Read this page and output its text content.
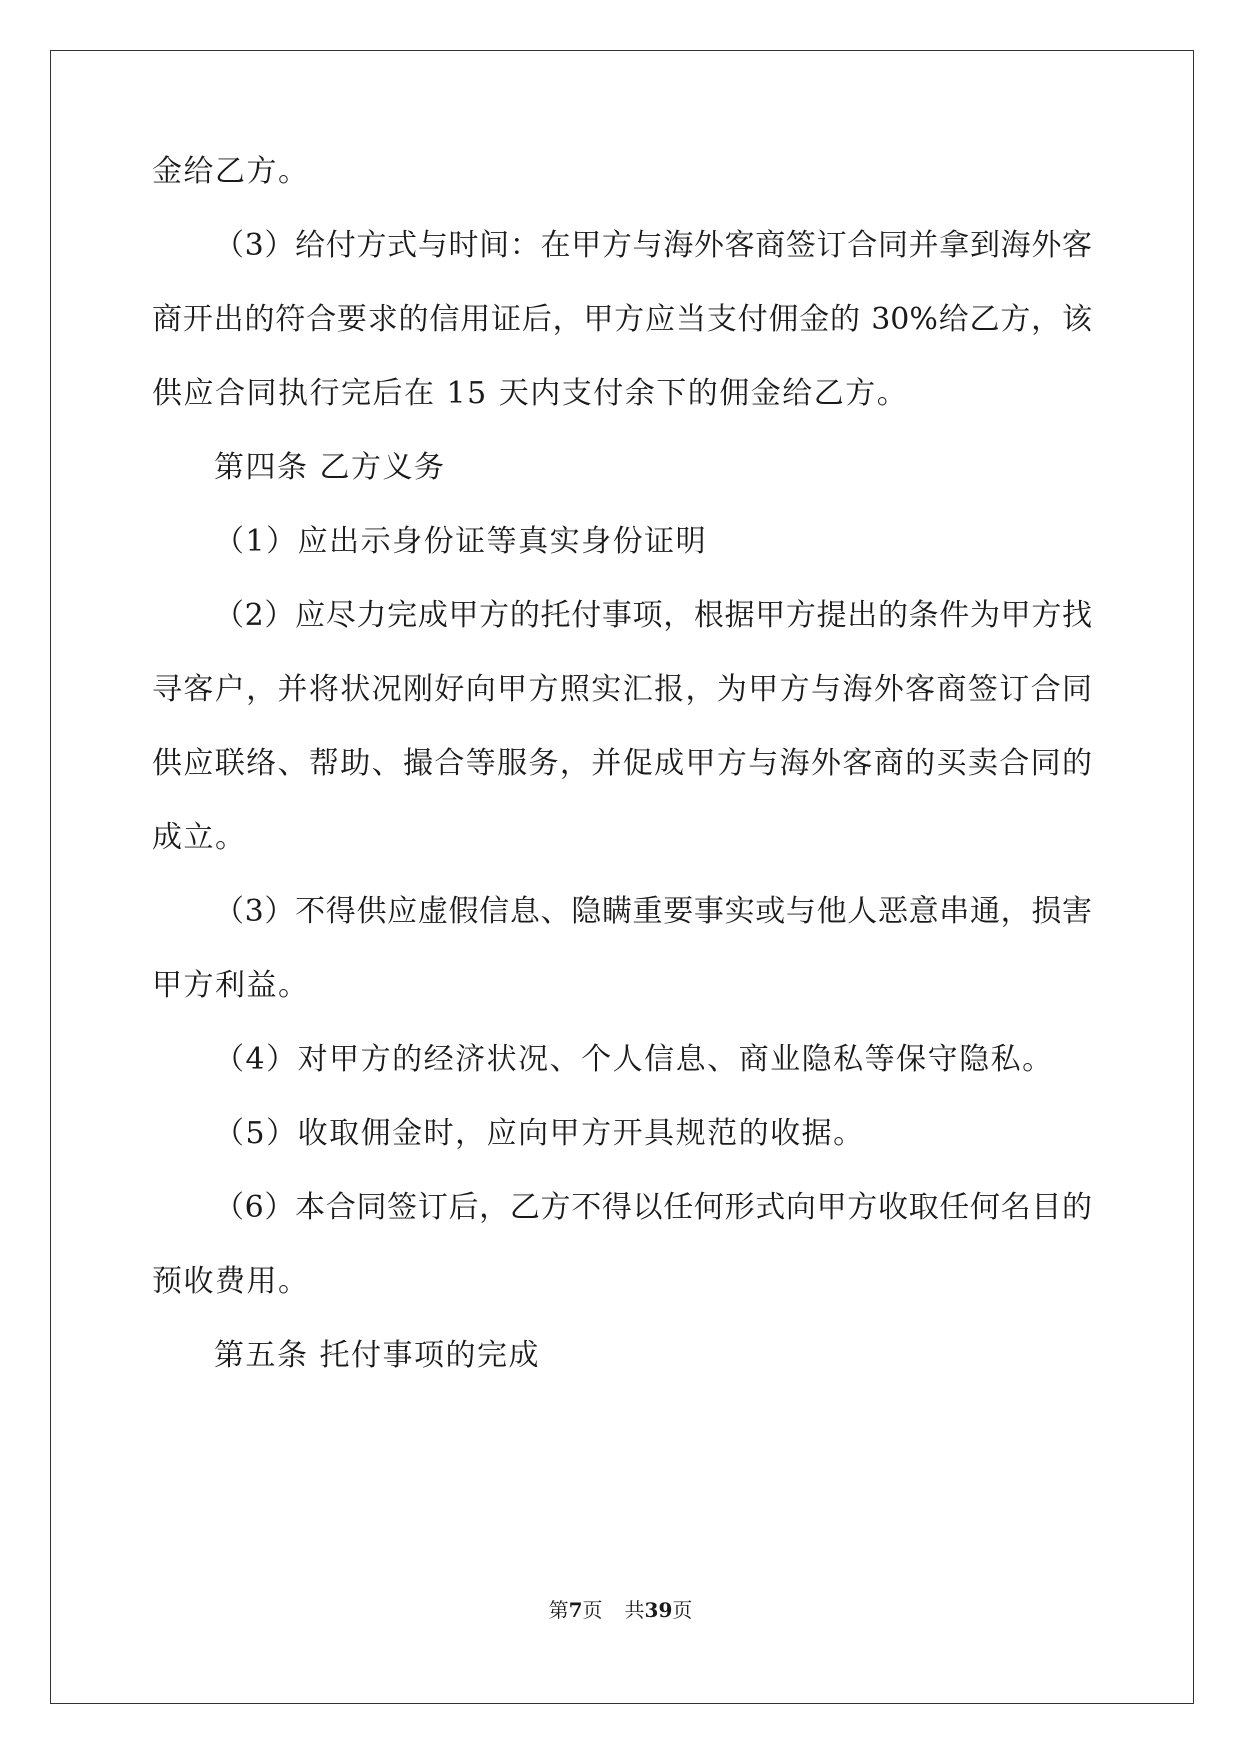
金给乙方。
（3）给付方式与时间：在甲方与海外客商签订合同并拿到海外客
商开出的符合要求的信用证后，甲方应当支付佣金的 30%给乙方，该
供应合同执行完后在 15 天内支付余下的佣金给乙方。
第四条 乙方义务
（1）应出示身份证等真实身份证明
（2）应尽力完成甲方的托付事项，根据甲方提出的条件为甲方找
寻客户，并将状况刚好向甲方照实汇报，为甲方与海外客商签订合同
供应联络、帮助、撮合等服务，并促成甲方与海外客商的买卖合同的
成立。
（3）不得供应虚假信息、隐瞒重要事实或与他人恶意串通，损害
甲方利益。
（4）对甲方的经济状况、个人信息、商业隐私等保守隐私。
（5）收取佣金时，应向甲方开具规范的收据。
（6）本合同签订后，乙方不得以任何形式向甲方收取任何名目的
预收费用。
第五条 托付事项的完成
第7页 共39页
